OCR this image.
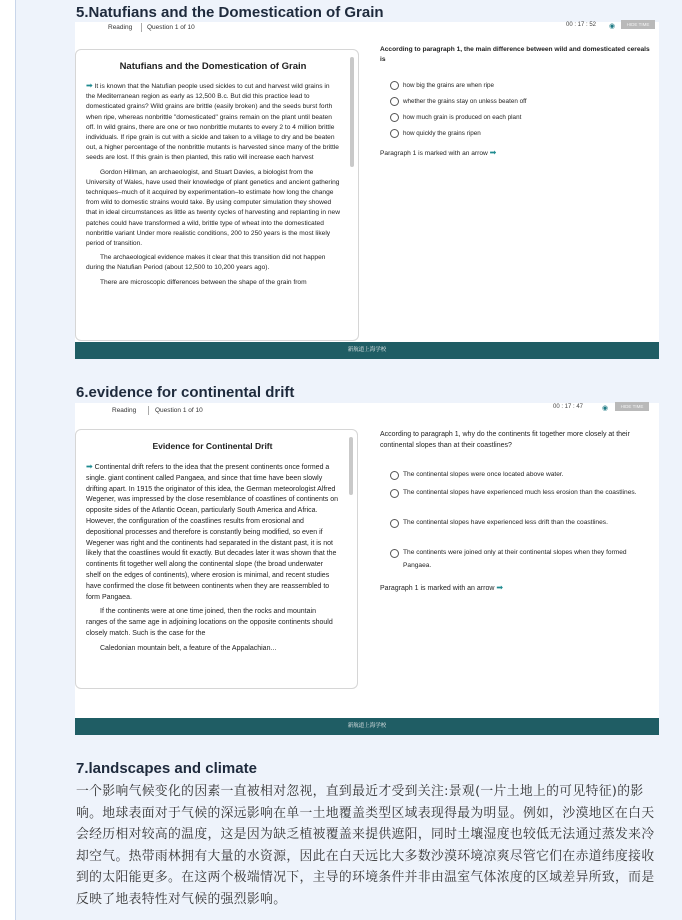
5.Natufians and the Domestication of Grain
Reading Question 1 of 10	00 : 17 : 52 ◉	HIDE TIME
Natufians and the Domestication of Grain

➡ It is known that the Natufian people used sickles to cut and harvest wild grains in the Mediterranean region as early as 12,500 B.c. But did this practice lead to domesticated grains? Wild grains are brittle (easily broken) and the seeds burst forth when ripe, whereas nonbrittle "domesticated" grains remain on the plant until beaten off. In wild grains, there are one or two nonbrittle mutants to every 2 to 4 million brittle individuals. If ripe grain is cut with a sickle and taken to a village to dry and be beaten out, a higher percentage of the nonbrittle mutants is harvested since many of the brittle seeds are lost. If this grain is then planted, this ratio will increase each harvest

Gordon Hillman, an archaeologist, and Stuart Davies, a biologist from the University of Wales, have used their knowledge of plant genetics and ancient gathering techniques–much of it acquired by experimentation–to estimate how long the change from wild to domestic strains would take. By using computer simulation they showed that in ideal circumstances as little as twenty cycles of harvesting and replanting in new patches could have transformed a wild, brittle type of wheat into the domesticated nonbrittle variant Under more realistic conditions, 200 to 250 years is the most likely period of transition.

The archaeological evidence makes it clear that this transition did not happen during the Natufian Period (about 12,500 to 10,200 years ago).

There are microscopic differences between the shape of the grain from

According to paragraph 1, the main difference between wild and domesticated cereals is
how big the grains are when ripe
whether the grains stay on unless beaten off
how much grain is produced on each plant
how quickly the grains ripen
Paragraph 1 is marked with an arrow ➡
新航道上海学校
6.evidence for continental drift
Reading	Question 1 of 10	00 : 17 : 47	◉	HIDE TIME
Evidence for Continental Drift

➡ Continental drift refers to the idea that the present continents once formed a single. giant continent called Pangaea, and since that time have been slowly drifting apart. In 1915 the originator of this idea, the German meteorologist Alfred Wegener, was impressed by the close resemblance of coastlines of continents on opposite sides of the Atlantic Ocean, particularly South America and Africa. However, the configuration of the coastlines results from erosional and depositional processes and therefore is constantly being modified, so even if Wegener was right and the continents had separated in the distant past, it is not likely that the coastlines would fit exactly. But decades later it was shown that the continents fit together well along the continental slope (the broad underwater shelf on the edges of continents), where erosion is minimal, and recent studies have confirmed the close fit between continents when they are reassembled to form Pangaea.

If the continents were at one time joined, then the rocks and mountain ranges of the same age in adjoining locations on the opposite continents should closely match. Such is the case for the

Caledonian mountain belt, a feature of the Appalachian...

According to paragraph 1, why do the continents fit together more closely at their continental slopes than at their coastlines?
The continental slopes were once located above water.
The continental slopes have experienced much less erosion than the coastlines.
The continental slopes have experienced less drift than the coastlines.
The continents were joined only at their continental slopes when they formed Pangaea.
Paragraph 1 is marked with an arrow ➡
新航道上海学校
7.landscapes and climate
一个影响气候变化的因素一直被相对忽视，直到最近才受到关注:景观(一片土地上的可见特征)的影响。地球表面对于气候的深远影响在单一土地覆盖类型区域表现得最为明显。例如，沙漠地区在白天会经历相对较高的温度，这是因为缺乏植被覆盖来提供遮阳，同时土壤湿度也较低无法通过蒸发来冷却空气。热带雨林拥有大量的水资源，因此在白天远比大多数沙漠环境凉爽尽管它们在赤道纬度接收到的太阳能更多。在这两个极端情况下，主导的环境条件并非由温室气体浓度的区域差异所致，而是反映了地表特性对气候的强烈影响。
